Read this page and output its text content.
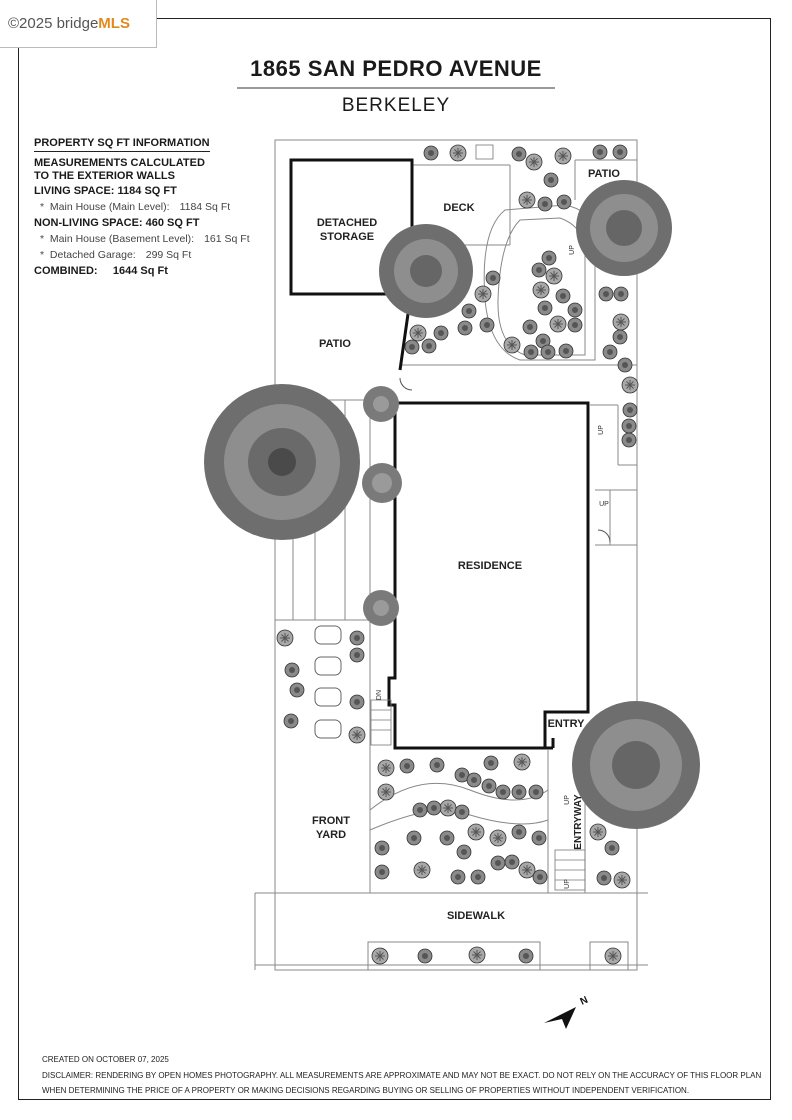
©2025 bridge MLS
1865 SAN PEDRO AVENUE
BERKELEY
PROPERTY SQ FT INFORMATION
MEASUREMENTS CALCULATED
TO THE EXTERIOR WALLS
LIVING SPACE: 1184 SQ FT
*  Main House (Main Level): 1184 Sq Ft
NON-LIVING SPACE: 460 SQ FT
*  Main House (Basement Level): 161 Sq Ft
*  Detached Garage: 299 Sq Ft
COMBINED: 1644 Sq Ft
DETACHED
STORAGE
DECK
PATIO
PATIO
RESIDENCE
ENTRY
FRONT
YARD
SIDEWALK
ENTRYWAY
UP
UP
UP
DN
UP
UP
N
CREATED ON OCTOBER 07, 2025
DISCLAIMER: RENDERING BY OPEN HOMES PHOTOGRAPHY. ALL MEASUREMENTS ARE APPROXIMATE AND MAY NOT BE EXACT. DO NOT RELY ON THE ACCURACY OF THIS FLOOR PLAN
WHEN DETERMINING THE PRICE OF A PROPERTY OR MAKING DECISIONS REGARDING BUYING OR SELLING OF PROPERTIES WITHOUT INDEPENDENT VERIFICATION.
